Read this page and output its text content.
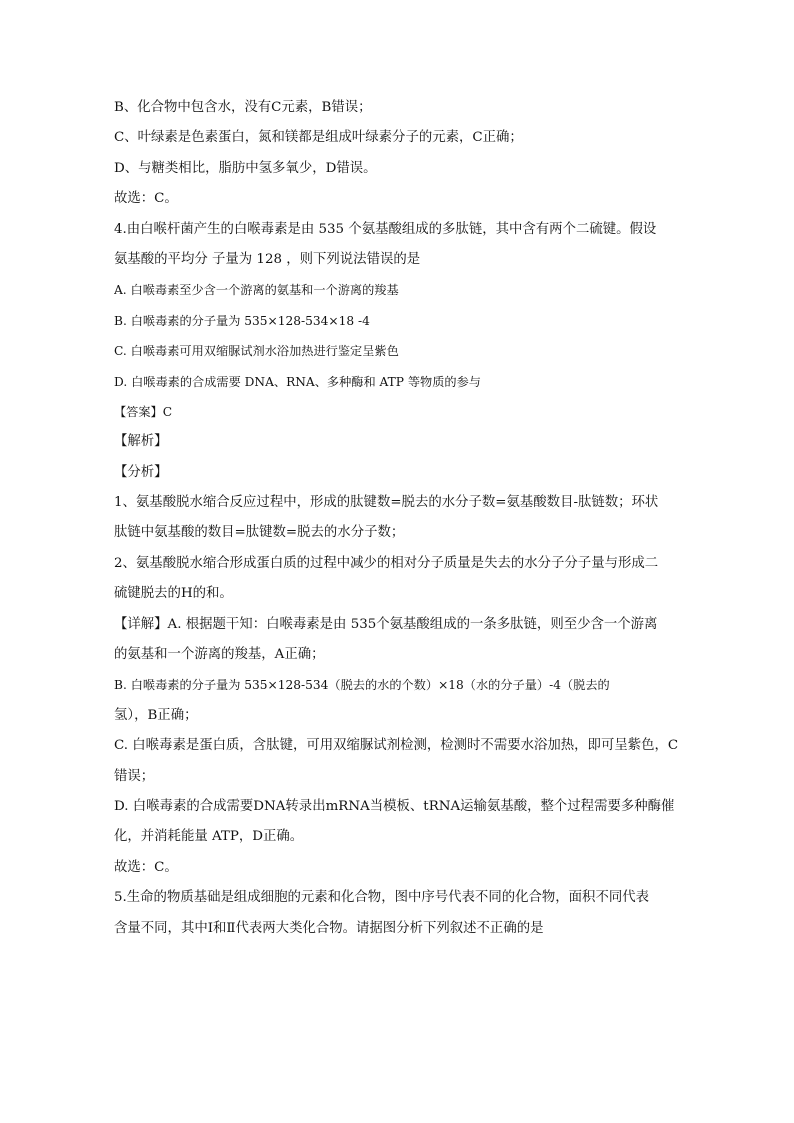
B、化合物中包含水，没有C元素，B错误；
C、叶绿素是色素蛋白，氮和镁都是组成叶绿素分子的元素，C正确；
D、与糖类相比，脂肪中氢多氧少，D错误。
故选：C。
4.由白喉杆菌产生的白喉毒素是由 535 个氨基酸组成的多肽链，其中含有两个二硫键。假设
氨基酸的平均分 子量为 128 ，则下列说法错误的是
A. 白喉毒素至少含一个游离的氨基和一个游离的羧基
B. 白喉毒素的分子量为 535×128-534×18 -4
C. 白喉毒素可用双缩脲试剂水浴加热进行鉴定呈紫色
D. 白喉毒素的合成需要 DNA、RNA、多种酶和 ATP 等物质的参与
【答案】C
【解析】
【分析】
1、氨基酸脱水缩合反应过程中，形成的肽键数=脱去的水分子数=氨基酸数目-肽链数；环状
肽链中氨基酸的数目=肽键数=脱去的水分子数；
2、氨基酸脱水缩合形成蛋白质的过程中减少的相对分子质量是失去的水分子分子量与形成二
硫键脱去的H的和。
【详解】A. 根据题干知：白喉毒素是由 535个氨基酸组成的一条多肽链，则至少含一个游离
的氨基和一个游离的羧基，A正确；
B. 白喉毒素的分子量为 535×128-534（脱去的水的个数）×18（水的分子量）-4（脱去的
氢），B正确；
C. 白喉毒素是蛋白质，含肽键，可用双缩脲试剂检测，检测时不需要水浴加热，即可呈紫色，C
错误；
D. 白喉毒素的合成需要DNA转录出mRNA当模板、tRNA运输氨基酸，整个过程需要多种酶催
化，并消耗能量 ATP，D正确。
故选：C。
5.生命的物质基础是组成细胞的元素和化合物，图中序号代表不同的化合物，面积不同代表
含量不同，其中Ⅰ和Ⅱ代表两大类化合物。请据图分析下列叙述不正确的是
